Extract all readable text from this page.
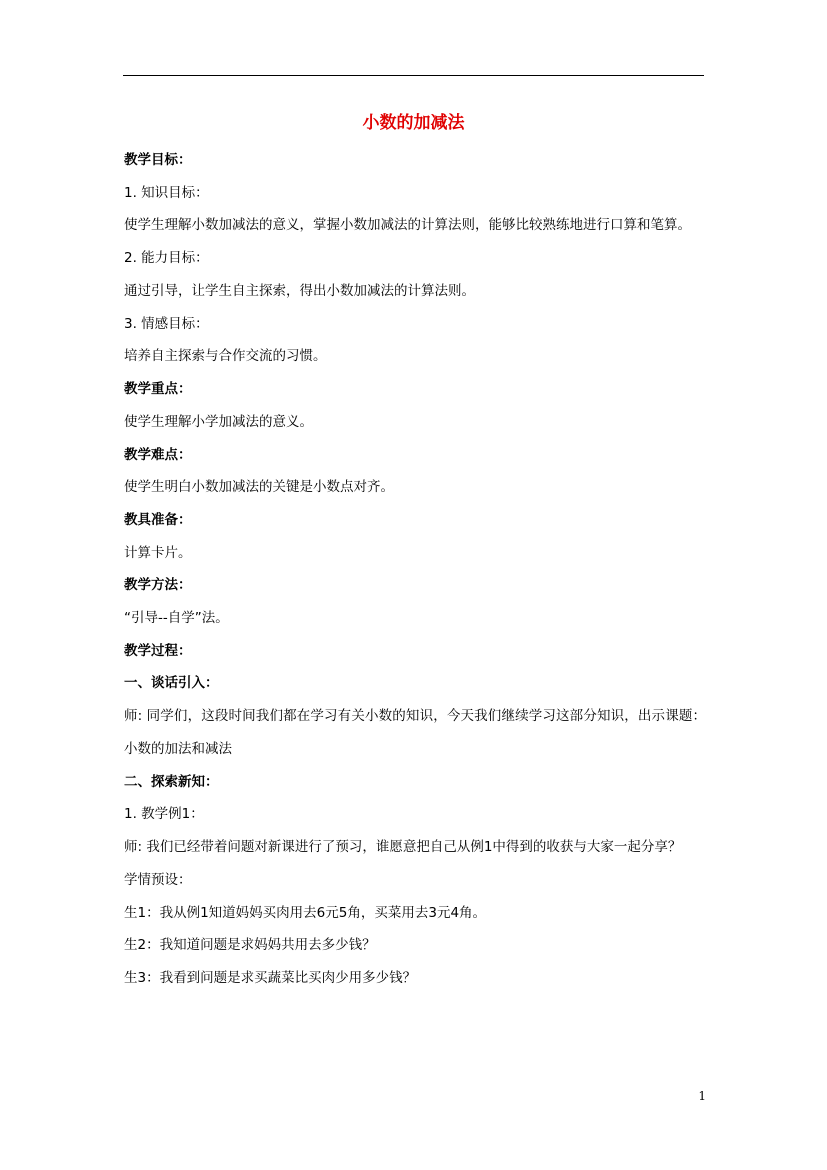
小数的加减法

教学目标：

1. 知识目标：

使学生理解小数加减法的意义，掌握小数加减法的计算法则，能够比较熟练地进行口算和笔算。

2. 能力目标：

通过引导，让学生自主探索，得出小数加减法的计算法则。

3. 情感目标：

培养自主探索与合作交流的习惯。

教学重点：

使学生理解小学加减法的意义。

教学难点：

使学生明白小数加减法的关键是小数点对齐。

教具准备：

计算卡片。

教学方法：

“引导--自学”法。

教学过程：

一、谈话引入：

师: 同学们，这段时间我们都在学习有关小数的知识，今天我们继续学习这部分知识，出示课题：小数的加法和减法

二、探索新知：

1. 教学例1：

师: 我们已经带着问题对新课进行了预习，谁愿意把自己从例1中得到的收获与大家一起分享？

学情预设：

生1：我从例1知道妈妈买肉用去6元5角，买菜用去3元4角。

生2：我知道问题是求妈妈共用去多少钱？

生3：我看到问题是求买蔬菜比买肉少用多少钱？

1
